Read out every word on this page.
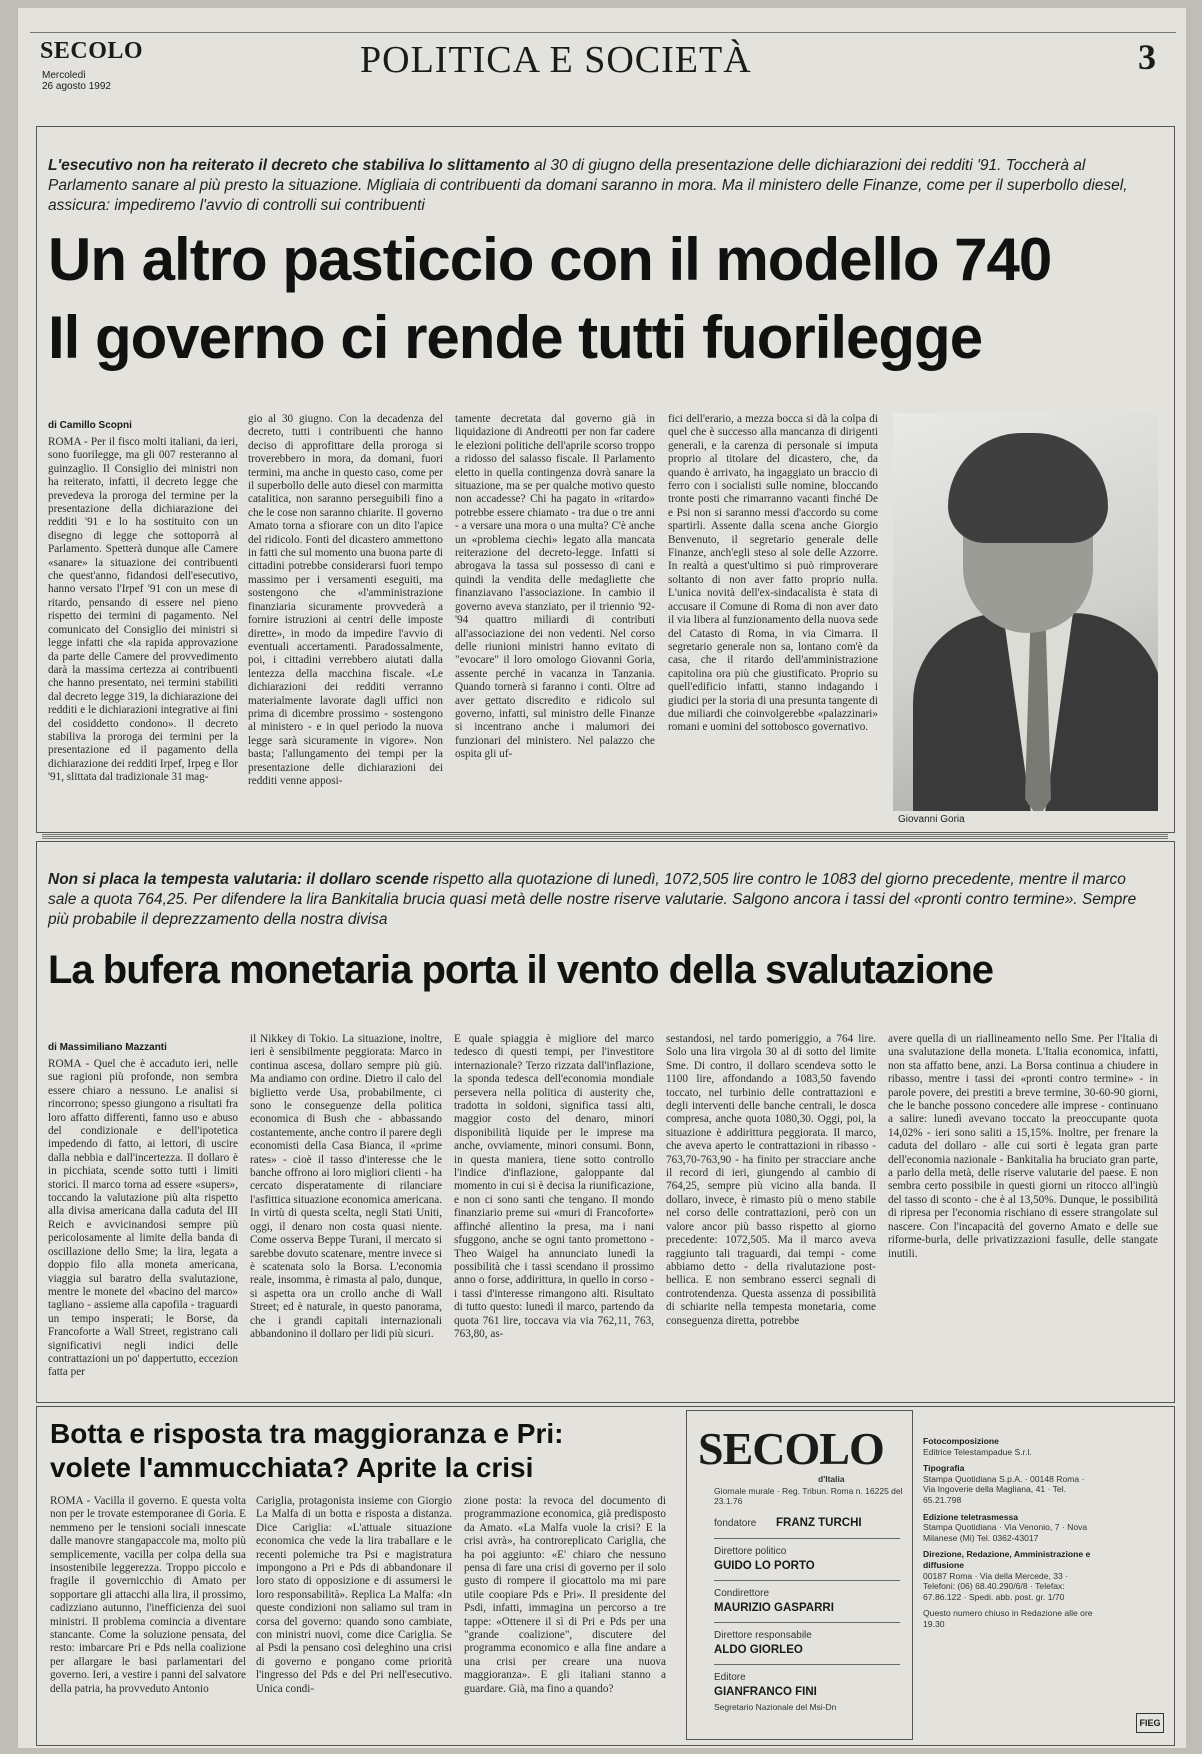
SECOLO
Mercoledì
26 agosto 1992
POLITICA E SOCIETÀ	3
L'esecutivo non ha reiterato il decreto che stabiliva lo slittamento al 30 di giugno della presentazione delle dichiarazioni dei redditi '91. Toccherà al Parlamento sanare al più presto la situazione. Migliaia di contribuenti da domani saranno in mora. Ma il ministero delle Finanze, come per il superbollo diesel, assicura: impediremo l'avvio di controlli sui contribuenti
Un altro pasticcio con il modello 740
Il governo ci rende tutti fuorilegge
di Camillo Scopni

ROMA - Per il fisco molti italiani, da ieri, sono fuorilegge, ma gli 007 resteranno al guinzaglio. Il Consiglio dei ministri non ha reiterato, infatti, il decreto legge che prevedeva la proroga del termine per la presentazione della dichiarazione dei redditi '91 e lo ha sostituito con un disegno di legge che sottoporrà al Parlamento. Spetterà dunque alle Camere «sanare» la situazione dei contribuenti che quest'anno, fidandosi dell'esecutivo, hanno versato l'Irpef '91 con un mese di ritardo, pensando di essere nel pieno rispetto dei termini di pagamento. Nel comunicato del Consiglio dei ministri si legge infatti che «la rapida approvazione da parte delle Camere del provvedimento darà la massima certezza ai contribuenti che hanno presentato, nei termini stabiliti dal decreto legge 319, la dichiarazione dei redditi e le dichiarazioni integrative ai fini del cosiddetto condono». Il decreto stabiliva la proroga dei termini per la presentazione ed il pagamento della dichiarazione dei redditi Irpef, Irpeg e Ilor '91, slittata dal tradizionale 31 mag-

gio al 30 giugno. Con la decadenza del decreto, tutti i contribuenti che hanno deciso di approfittare della proroga si troverebbero in mora, da domani, fuori termini, ma anche in questo caso, come per il superbollo delle auto diesel con marmitta catalitica, non saranno perseguibili fino a che le cose non saranno chiarite. Il governo Amato torna a sfiorare con un dito l'apice del ridicolo. Fonti del dicastero ammettono in fatti che sul momento una buona parte di cittadini potrebbe considerarsi fuori tempo massimo per i versamenti eseguiti, ma sostengono che «l'amministrazione finanziaria sicuramente provvederà a fornire istruzioni ai centri delle imposte dirette», in modo da impedire l'avvio di eventuali accertamenti. Paradossalmente, poi, i cittadini verrebbero aiutati dalla lentezza della macchina fiscale. «Le dichiarazioni dei redditi verranno materialmente lavorate dagli uffici non prima di dicembre prossimo - sostengono al ministero - e in quel periodo la nuova legge sarà sicuramente in vigore». Non basta; l'allungamento dei tempi per la presentazione delle dichiarazioni dei redditi venne apposi-

tamente decretata dal governo già in liquidazione di Andreotti per non far cadere le elezioni politiche dell'aprile scorso troppo a ridosso del salasso fiscale. Il Parlamento eletto in quella contingenza dovrà sanare la situazione, ma se per qualche motivo questo non accadesse? Chi ha pagato in «ritardo» potrebbe essere chiamato - tra due o tre anni - a versare una mora o una multa? C'è anche un «problema ciechi» legato alla mancata reiterazione del decreto-legge. Infatti si abrogava la tassa sul possesso di cani e quindi la vendita delle medagliette che finanziavano l'associazione. In cambio il governo aveva stanziato, per il triennio '92-'94 quattro miliardi di contributi all'associazione dei non vedenti. Nel corso delle riunioni ministri hanno evitato di "evocare" il loro omologo Giovanni Goria, assente perché in vacanza in Tanzania. Quando tornerà si faranno i conti. Oltre ad aver gettato discredito e ridicolo sul governo, infatti, sul ministro delle Finanze si incentrano anche i malumori dei funzionari del ministero. Nel palazzo che ospita gli uf-

fici dell'erario, a mezza bocca si dà la colpa di quel che è successo alla mancanza di dirigenti generali, e la carenza di personale si imputa proprio al titolare del dicastero, che, da quando è arrivato, ha ingaggiato un braccio di ferro con i socialisti sulle nomine, bloccando tronte posti che rimarranno vacanti finché De e Psi non si saranno messi d'accordo su come spartirli. Assente dalla scena anche Giorgio Benvenuto, il segretario generale delle Finanze, anch'egli steso al sole delle Azzorre. In realtà a quest'ultimo si può rimproverare soltanto di non aver fatto proprio nulla. L'unica novità dell'ex-sindacalista è stata di accusare il Comune di Roma di non aver dato il via libera al funzionamento della nuova sede del Catasto di Roma, in via Cimarra. Il segretario generale non sa, lontano com'è da casa, che il ritardo dell'amministrazione capitolina ora più che giustificato. Proprio su quell'edificio infatti, stanno indagando i giudici per la storia di una presunta tangente di due miliardi che coinvolgerebbe «palazzinari» romani e uomini del sottobosco governativo.

Giovanni Goria
Non si placa la tempesta valutaria: il dollaro scende rispetto alla quotazione di lunedì, 1072,505 lire contro le 1083 del giorno precedente, mentre il marco sale a quota 764,25. Per difendere la lira Bankitalia brucia quasi metà delle nostre riserve valutarie. Salgono ancora i tassi del «pronti contro termine». Sempre più probabile il deprezzamento della nostra divisa
La bufera monetaria porta il vento della svalutazione
di Massimiliano Mazzanti

ROMA - Quel che è accaduto ieri, nelle sue ragioni più profonde, non sembra essere chiaro a nessuno. Le analisi si rincorrono; spesso giungono a risultati fra loro affatto differenti, fanno uso e abuso del condizionale e dell'ipotetica impedendo di fatto, ai lettori, di uscire dalla nebbia e dall'incertezza. Il dollaro è in picchiata, scende sotto tutti i limiti storici. Il marco torna ad essere «supers», toccando la valutazione più alta rispetto alla divisa americana dalla caduta del III Reich e avvicinandosi sempre più pericolosamente al limite della banda di oscillazione dello Sme; la lira, legata a doppio filo alla moneta americana, viaggia sul baratro della svalutazione, mentre le monete del «bacino del marco» tagliano - assieme alla capofila - traguardi un tempo insperati; le Borse, da Francoforte a Wall Street, registrano cali significativi negli indici delle contrattazioni un po' dappertutto, eccezion fatta per

il Nikkey di Tokio. La situazione, inoltre, ieri è sensibilmente peggiorata: Marco in continua ascesa, dollaro sempre più giù. Ma andiamo con ordine. Dietro il calo del biglietto verde Usa, probabilmente, ci sono le conseguenze della politica economica di Bush che - abbassando costantemente, anche contro il parere degli economisti della Casa Bianca, il «prime rates» - cioè il tasso d'interesse che le banche offrono ai loro migliori clienti - ha cercato disperatamente di rilanciare l'asfittica situazione economica americana. In virtù di questa scelta, negli Stati Uniti, oggi, il denaro non costa quasi niente. Come osserva Beppe Turani, il mercato si sarebbe dovuto scatenare, mentre invece si è scatenata solo la Borsa. L'economia reale, insomma, è rimasta al palo, dunque, si aspetta ora un crollo anche di Wall Street; ed è naturale, in questo panorama, che i grandi capitali internazionali abbandonino il dollaro per lidi più sicuri.

E quale spiaggia è migliore del marco tedesco di questi tempi, per l'investitore internazionale? Terzo rizzata dall'inflazione, la sponda tedesca dell'economia mondiale persevera nella politica di austerity che, tradotta in soldoni, significa tassi alti, maggior costo del denaro, minori disponibilità liquide per le imprese ma anche, ovviamente, minori consumi. Bonn, in questa maniera, tiene sotto controllo l'indice d'inflazione, galoppante dal momento in cui si è decisa la riunificazione, e non ci sono santi che tengano. Il mondo finanziario preme sui «muri di Francoforte» affinché allentino la presa, ma i nani sfuggono, anche se ogni tanto promettono - Theo Waigel ha annunciato lunedì la possibilità che i tassi scendano il prossimo anno o forse, addirittura, in quello in corso - i tassi d'interesse rimangono alti. Risultato di tutto questo: lunedì il marco, partendo da quota 761 lire, toccava via via 762,11, 763, 763,80, as-

sestandosi, nel tardo pomeriggio, a 764 lire. Solo una lira virgola 30 al di sotto del limite Sme. Di contro, il dollaro scendeva sotto le 1100 lire, affondando a 1083,50 favendo toccato, nel turbinio delle contrattazioni e degli interventi delle banche centrali, le dosca compresa, anche quota 1080,30. Oggi, poi, la situazione è addirittura peggiorata. Il marco, che aveva aperto le contrattazioni in ribasso - 763,70-763,90 - ha finito per stracciare anche il record di ieri, giungendo al cambio di 764,25, sempre più vicino alla banda. Il dollaro, invece, è rimasto più o meno stabile nel corso delle contrattazioni, però con un valore ancor più basso rispetto al giorno precedente: 1072,505. Ma il marco aveva raggiunto tali traguardi, dai tempi - come abbiamo detto - della rivalutazione post-bellica. E non sembrano esserci segnali di controtendenza. Questa assenza di possibilità di schiarite nella tempesta monetaria, come conseguenza diretta, potrebbe

avere quella di un riallineamento nello Sme. Per l'Italia di una svalutazione della moneta. L'Italia economica, infatti, non sta affatto bene, anzi. La Borsa continua a chiudere in ribasso, mentre i tassi dei «pronti contro termine» - in parole povere, dei prestiti a breve termine, 30-60-90 giorni, che le banche possono concedere alle imprese - continuano a salire: lunedì avevano toccato la preoccupante quota 14,02% - ieri sono saliti a 15,15%. Inoltre, per frenare la caduta del dollaro - alle cui sorti è legata gran parte dell'economia nazionale - Bankitalia ha bruciato gran parte, a parlo della metà, delle riserve valutarie del paese. E non sembra certo possibile in questi giorni un ritocco all'ingiù del tasso di sconto - che è al 13,50%. Dunque, le possibilità di ripresa per l'economia rischiano di essere strangolate sul nascere. Con l'incapacità del governo Amato e delle sue riforme-burla, delle privatizzazioni fasulle, delle stangate inutili.

Botta e risposta tra maggioranza e Pri:
volete l'ammucchiata? Aprite la crisi

ROMA - Vacilla il governo. E questa volta non per le trovate estemporanee di Goria. E nemmeno per le tensioni sociali innescate dalle manovre stangapaccole ma, molto più semplicemente, vacilla per colpa della sua insostenibile leggerezza. Troppo piccolo e fragile il governicchio di Amato per sopportare gli attacchi alla lira, il prossimo, cadizziano autunno, l'inefficienza dei suoi ministri. Il problema comincia a diventare stancante. Come la soluzione pensata, del resto: imbarcare Pri e Pds nella coalizione per allargare le basi parlamentari del governo. Ieri, a vestire i panni del salvatore della patria, ha provveduto Antonio

Cariglia, protagonista insieme con Giorgio La Malfa di un botta e risposta a distanza. Dice Cariglia: «L'attuale situazione economica che vede la lira traballare e le recenti polemiche tra Psi e magistratura impongono a Pri e Pds di abbandonare il loro stato di opposizione e di assumersi le loro responsabilità». Replica La Malfa: «In queste condizioni non saliamo sul tram in corsa del governo: quando sono cambiate, con ministri nuovi, come dice Cariglia. Se al Psdi la pensano così deleghino una crisi di governo e pongano come priorità l'ingresso del Pds e del Pri nell'esecutivo. Unica condi-

zione posta: la revoca del documento di programmazione economica, già predisposto da Amato. «La Malfa vuole la crisi? E la crisi avrà», ha controreplicato Cariglia, che ha poi aggiunto: «E' chiaro che nessuno pensa di fare una crisi di governo per il solo gusto di rompere il giocattolo ma mi pare utile coopiare Pds e Pri». Il presidente del Psdi, infatti, immagina un percorso a tre tappe: «Ottenere il sì di Pri e Pds per una "grande coalizione", discutere del programma economico e alla fine andare a una crisi per creare una nuova maggioranza». E gli italiani stanno a guardare. Già, ma fino a quando?

SECOLO
d'Italia
Giornale murale · Reg. Tribun. Roma n. 16225 del 23.1.76
fondatore FRANZ TURCHI
Direttore politico
GUIDO LO PORTO
Condirettore
MAURIZIO GASPARRI
Direttore responsabile
ALDO GIORLEO
Editore
GIANFRANCO FINI
Segretario Nazionale del Msi-Dn
Fotocomposizione
Editrice Telestampadue S.r.l.
Tipografia
Stampa Quotidiana S.p.A. · 00148 Roma · Via Ingoverie della Magliana, 41 · Tel. 65.21.798
Edizione teletrasmessa
Stampa Quotidiana · Via Venonio, 7 · Nova Milanese (Mi) Tel. 0362-43017
Direzione, Redazione, Amministrazione e diffusione
00187 Roma · Via della Mercede, 33 · Telefoni: (06) 68.40.290/6/8 · Telefax: 67.86.122 · Spedi. abb. post. gr. 1/70
Questo numero chiuso in Redazione alle ore 19.30
FIEG
